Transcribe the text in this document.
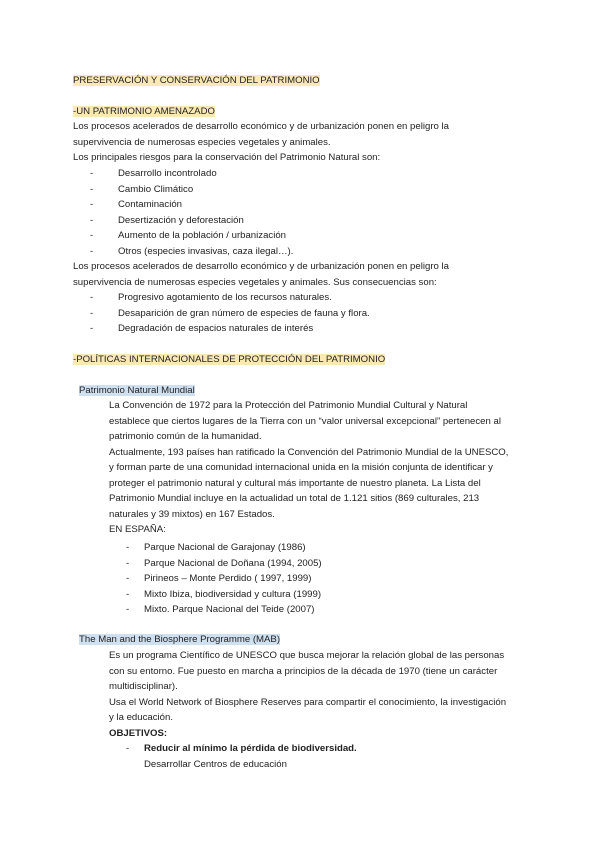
PRESERVACIÓN Y CONSERVACIÓN DEL PATRIMONIO
-UN PATRIMONIO AMENAZADO
Los procesos acelerados de desarrollo económico y de urbanización ponen en peligro la
supervivencia de numerosas especies vegetales y animales.
Los principales riesgos para la conservación del Patrimonio Natural son:
-	Desarrollo incontrolado
-	Cambio Climático
-	Contaminación
-	Desertización y deforestación
-	Aumento de la población / urbanización
-	Otros (especies invasivas, caza ilegal…).
Los procesos acelerados de desarrollo económico y de urbanización ponen en peligro la
supervivencia de numerosas especies vegetales y animales. Sus consecuencias son:
-	Progresivo agotamiento de los recursos naturales.
-	Desaparición de gran número de especies de fauna y flora.
-	Degradación de espacios naturales de interés
-POLÍTICAS INTERNACIONALES DE PROTECCIÓN DEL PATRIMONIO
Patrimonio Natural Mundial
La Convención de 1972 para la Protección del Patrimonio Mundial Cultural y Natural
establece que ciertos lugares de la Tierra con un “valor universal excepcional” pertenecen al
patrimonio común de la humanidad.
Actualmente, 193 países han ratificado la Convención del Patrimonio Mundial de la UNESCO,
y forman parte de una comunidad internacional unida en la misión conjunta de identificar y
proteger el patrimonio natural y cultural más importante de nuestro planeta. La Lista del
Patrimonio Mundial incluye en la actualidad un total de 1.121 sitios (869 culturales, 213
naturales y 39 mixtos) en 167 Estados.
EN ESPAÑA:
- Parque Nacional de Garajonay (1986)
- Parque Nacional de Doñana (1994, 2005)
- Pirineos – Monte Perdido ( 1997, 1999)
- Mixto Ibiza, biodiversidad y cultura (1999)
- Mixto. Parque Nacional del Teide (2007)
The Man and the Biosphere Programme (MAB)
Es un programa Científico de UNESCO que busca mejorar la relación global de las personas
con su entorno. Fue puesto en marcha a principios de la década de 1970 (tiene un carácter
multidisciplinar).
Usa el World Network of Biosphere Reserves para compartir el conocimiento, la investigación
y la educación.
OBJETIVOS:
- Reducir al mínimo la pérdida de biodiversidad.
Desarrollar Centros de educación
